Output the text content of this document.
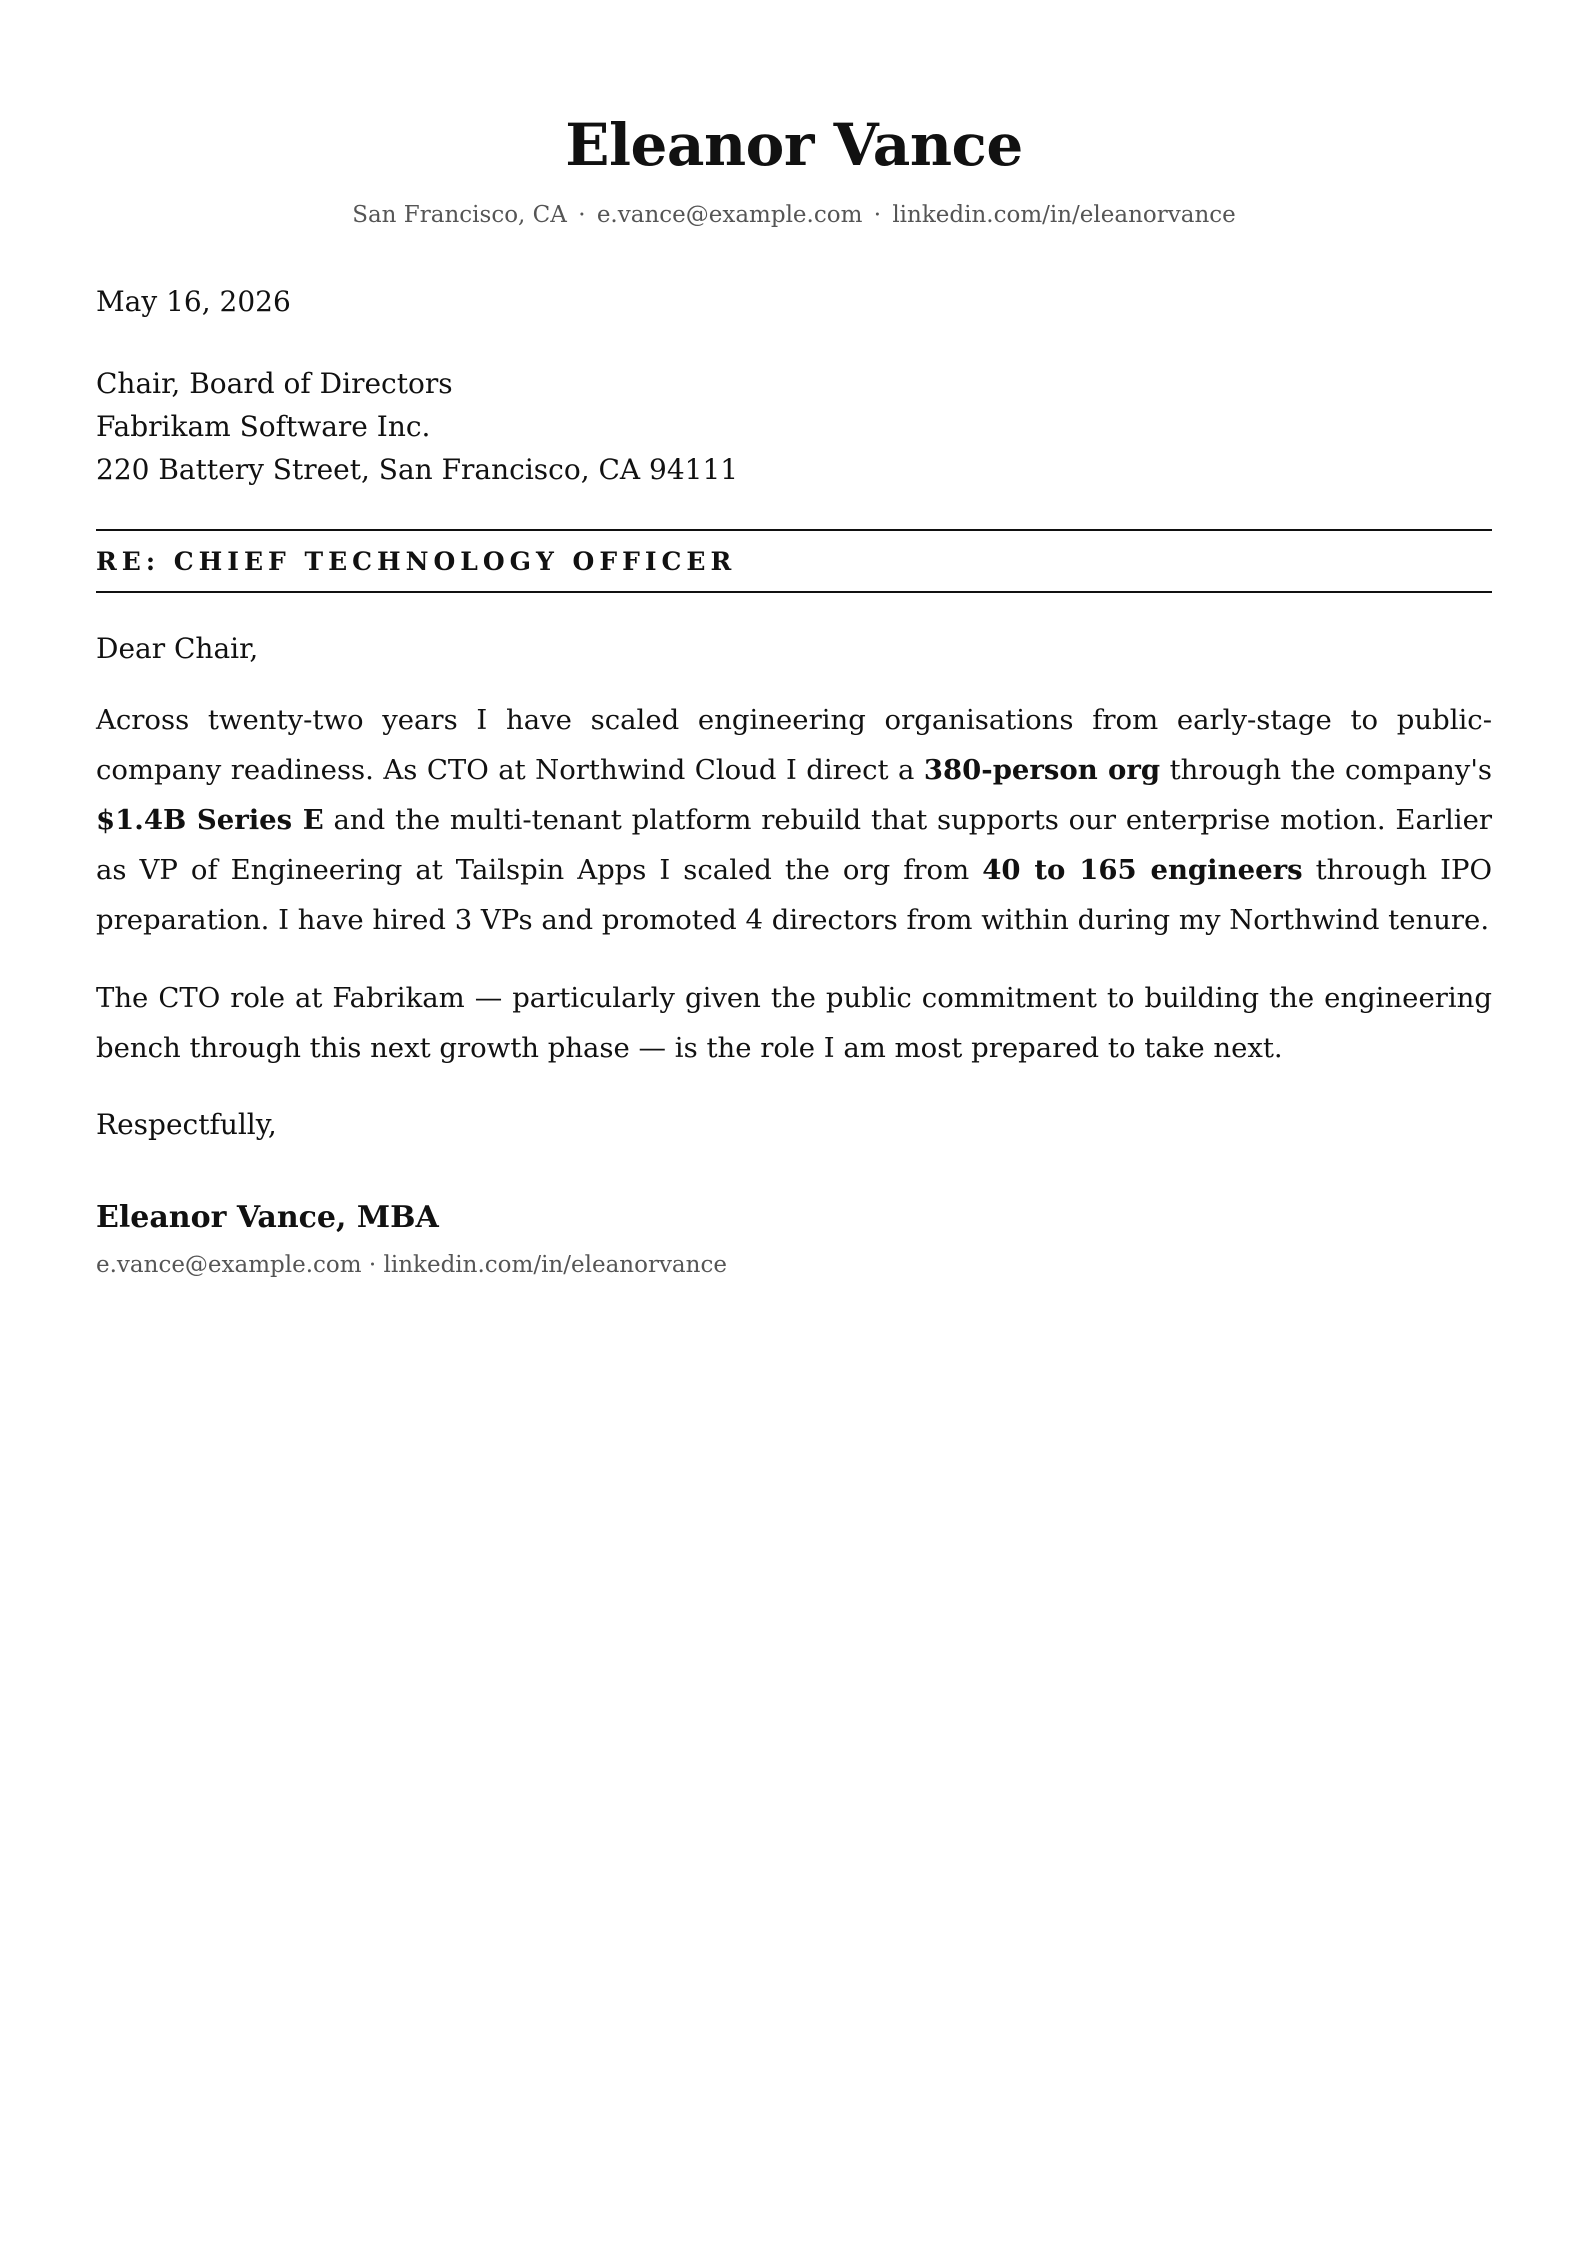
Eleanor Vance
San Francisco, CA · e.vance@example.com · linkedin.com/in/eleanorvance
May 16, 2026
Chair, Board of Directors
Fabrikam Software Inc.
220 Battery Street, San Francisco, CA 94111
RE: CHIEF TECHNOLOGY OFFICER
Dear Chair,
Across twenty-two years I have scaled engineering organisations from early-stage to public-company readiness. As CTO at Northwind Cloud I direct a 380-person org through the company's $1.4B Series E and the multi-tenant platform rebuild that supports our enterprise motion. Earlier as VP of Engineering at Tailspin Apps I scaled the org from 40 to 165 engineers through IPO preparation. I have hired 3 VPs and promoted 4 directors from within during my Northwind tenure.
The CTO role at Fabrikam — particularly given the public commitment to building the engineering bench through this next growth phase — is the role I am most prepared to take next.
Respectfully,
Eleanor Vance, MBA
e.vance@example.com · linkedin.com/in/eleanorvance
